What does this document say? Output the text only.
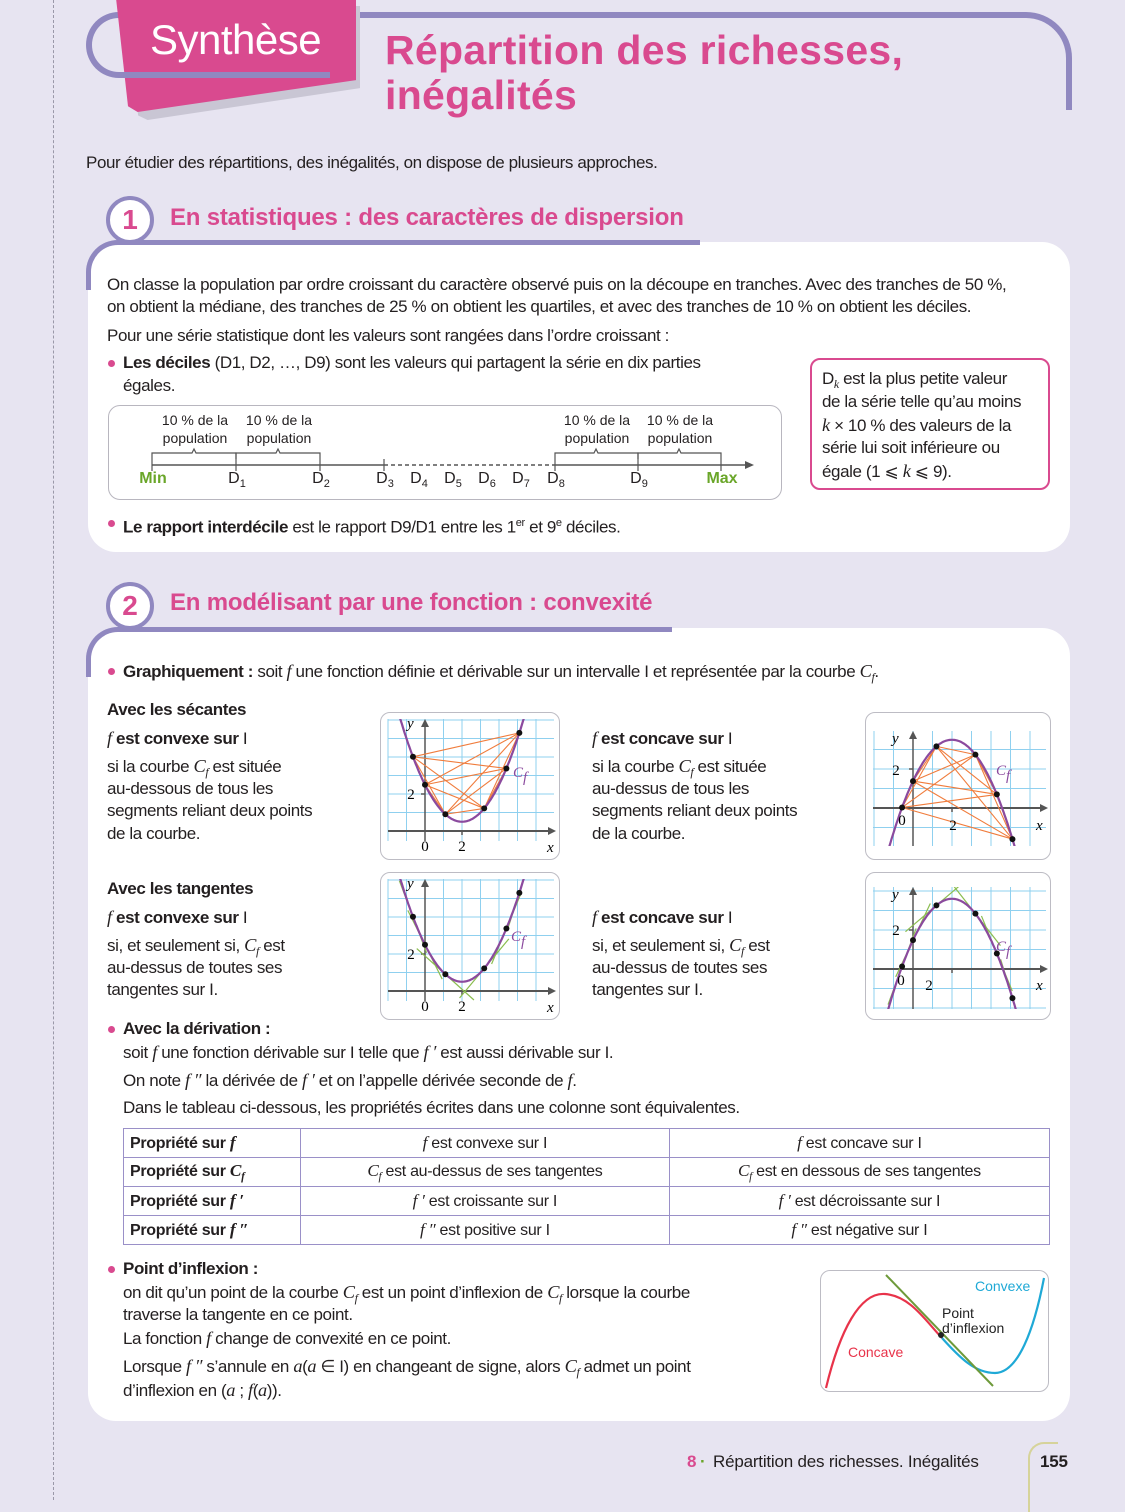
Synthèse Répartition des richesses,
inégalités
Pour étudier des répartitions, des inégalités, on dispose de plusieurs approches.
1	En statistiques : des caractères de dispersion
On classe la population par ordre croissant du caractère observé puis on la découpe en tranches. Avec des tranches de 50 %,
on obtient la médiane, des tranches de 25 % on obtient les quartiles, et avec des tranches de 10 % on obtient les déciles.
Pour une série statistique dont les valeurs sont rangées dans l’ordre croissant :
Les déciles (D1, D2, …, D9) sont les valeurs qui partagent la série en dix parties
égales.
10 % de la
population
10 % de la
population
10 % de la
population
10 % de la
population
Min	Max
$D_1$	$D_2$	$D_3$ $D_4$ $D_5$ $D_6$ $D_7$ $D_8$	$D_9$
$D_k$ est la plus petite valeur
de la série telle qu’au moins
k × 10 % des valeurs de la
série lui soit inférieure ou
égale (1 ⩽ k ⩽ 9).
Le rapport interdécile est le rapport D9/D1 entre les 1er et 9e déciles.
2	En modélisant par une fonction : convexité
Graphiquement : soit f une fonction définie et dérivable sur un intervalle I et représentée par la courbe $C_f$.
Avec les sécantes
f est convexe sur I
si la courbe $C_f$ est située
au-dessous de tous les
segments reliant deux points
de la courbe.
f est concave sur I
si la courbe $C_f$ est située
au-dessus de tous les
segments reliant deux points
de la courbe.
Avec les tangentes
f est convexe sur I
si, et seulement si, $C_f$ est
au-dessus de toutes ses
tangentes sur I.
f est concave sur I
si, et seulement si, $C_f$ est
au-dessus de toutes ses
tangentes sur I.
y
x
0 2
2
C f
y
x
0	2
2	C f
y
x
0 2
2
C f
y
x
0 2
2
C f
Avec la dérivation :
soit f une fonction dérivable sur I telle que f ′ est aussi dérivable sur I.
On note f ″ la dérivée de f ′ et on l’appelle dérivée seconde de f.
Dans le tableau ci-dessous, les propriétés écrites dans une colonne sont équivalentes.
Propriété sur f	f est convexe sur I	f est concave sur I
Propriété sur $C_f$	$C_f$ est au-dessus de ses tangentes	$C_f$ est en dessous de ses tangentes
Propriété sur f ′	f ′ est croissante sur I	f ′ est décroissante sur I
Propriété sur f ″	f ″ est positive sur I	f ″ est négative sur I
Point d’inflexion :
on dit qu’un point de la courbe $C_f$ est un point d’inflexion de $C_f$ lorsque la courbe
traverse la tangente en ce point.
La fonction f change de convexité en ce point.
Lorsque f ″ s’annule en a(a ∈ I) en changeant de signe, alors $C_f$ admet un point
d’inflexion en (a ; f(a)).
Convexe
Point
d’inflexion
Concave
8 · Répartition des richesses. Inégalités	155
